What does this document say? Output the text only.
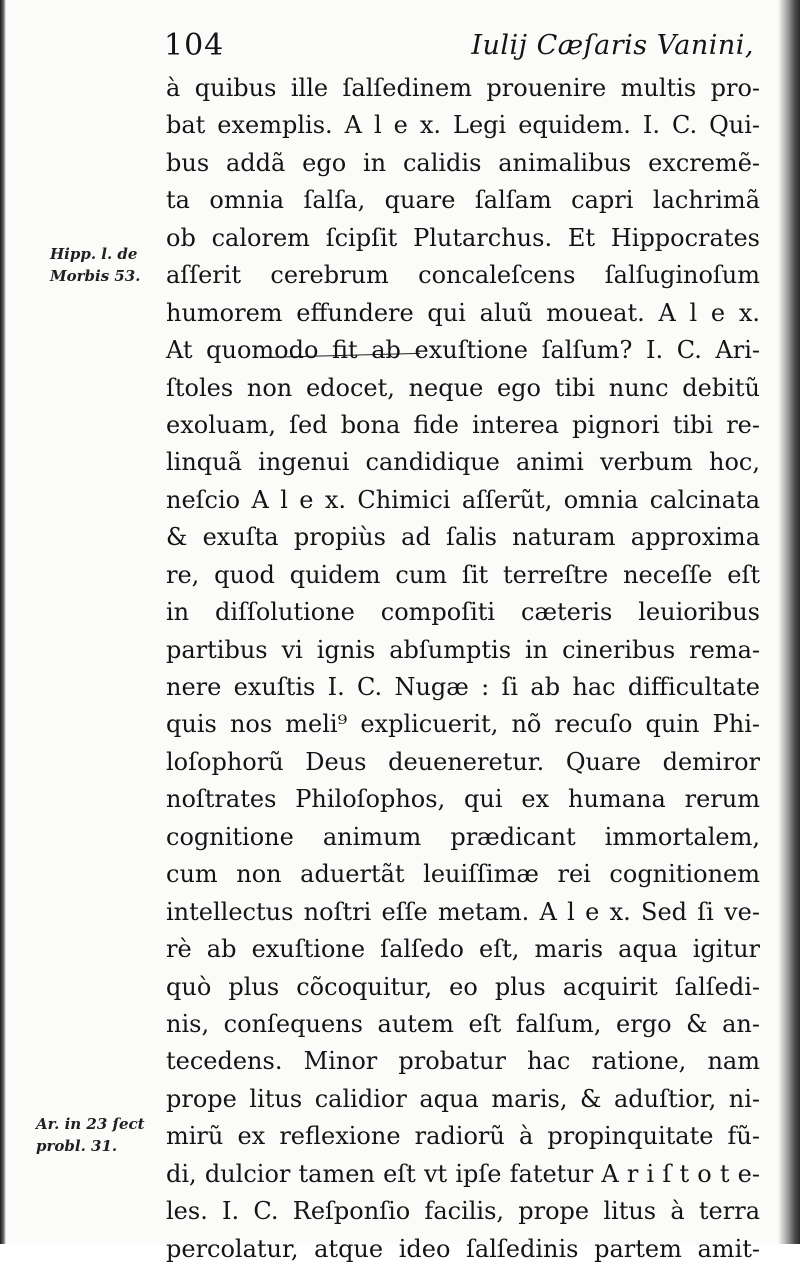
104	Iulij Cæſaris Vanini,
Hipp. l. de
Morbis 53.
Ar. in 23 ſect
probl. 31.
à quibus ille ſalſedinem prouenire multis pro-
bat exemplis. A l e x. Legi equidem. I. C. Qui-
bus addã ego in calidis animalibus excremẽ-
ta omnia ſalſa, quare ſalſam capri lachrimã
ob calorem ſcipſit Plutarchus. Et Hippocrates
aſſerit cerebrum concaleſcens ſalſuginoſum
humorem effundere qui aluũ moueat. A l e x.
At quomodo fit ab exuſtione ſalſum? I. C. Ari-
ſtoles non edocet, neque ego tibi nunc debitũ
exoluam, ſed bona fide interea pignori tibi re-
linquã ingenui candidique animi verbum hoc,
neſcio A l e x. Chimici aſſerũt, omnia calcinata
& exuſta propiùs ad ſalis naturam approxima
re, quod quidem cum ſit terreſtre neceſſe eſt
in diſſolutione compoſiti cæteris leuioribus
partibus vi ignis abſumptis in cineribus rema-
nere exuſtis I. C. Nugæ : ſi ab hac difficultate
quis nos meli⁹ explicuerit, nõ recuſo quin Phi-
loſophorũ Deus deueneretur. Quare demiror
noſtrates Philoſophos, qui ex humana rerum
cognitione animum prædicant immortalem,
cum non aduertãt leuiſſimæ rei cognitionem
intellectus noſtri eſſe metam. A l e x. Sed ſi ve-
rè ab exuſtione ſalſedo eſt, maris aqua igitur
quò plus cõcoquitur, eo plus acquirit ſalſedi-
nis, conſequens autem eſt falſum, ergo & an-
tecedens. Minor probatur hac ratione, nam
prope litus calidior aqua maris, & aduſtior, ni-
mirũ ex reflexione radiorũ à propinquitate fũ-
di, dulcior tamen eſt vt ipſe fatetur A r i ſ t o t e-
les. I. C. Reſponſio facilis, prope litus à terra
percolatur, atque ideo ſalſedinis partem amit-
